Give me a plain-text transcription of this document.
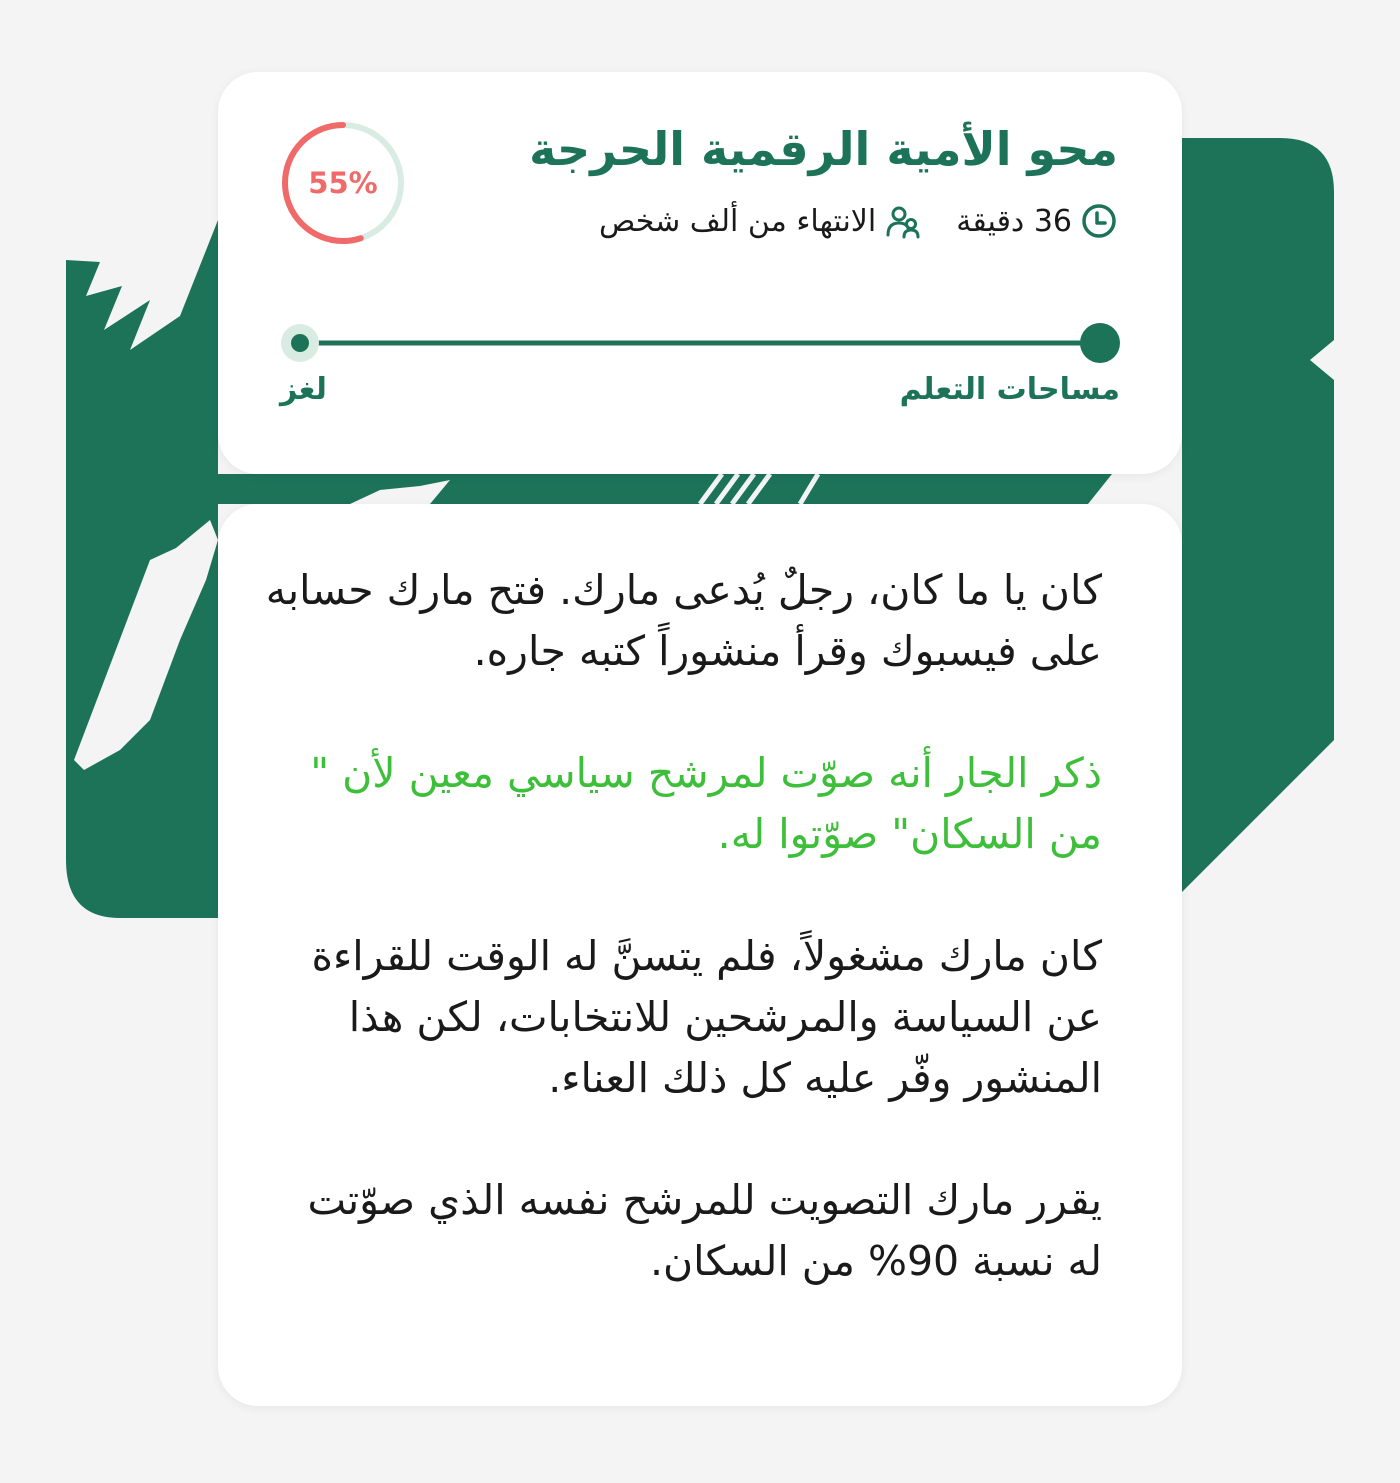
محو الأمية الرقمية الحرجة
36 دقيقة
الانتهاء من ألف شخص
55%
مساحات التعلم
لغز

كان يا ما كان، رجلٌ يُدعى مارك. فتح مارك حسابه على فيسبوك وقرأ منشوراً كتبه جاره.

ذكر الجار أنه صوّت لمرشح سياسي معين لأن " من السكان" صوّتوا له.

كان مارك مشغولاً، فلم يتسنَّ له الوقت للقراءة عن السياسة والمرشحين للانتخابات، لكن هذا المنشور وفّر عليه كل ذلك العناء.

يقرر مارك التصويت للمرشح نفسه الذي صوّتت له نسبة 90% من السكان.
